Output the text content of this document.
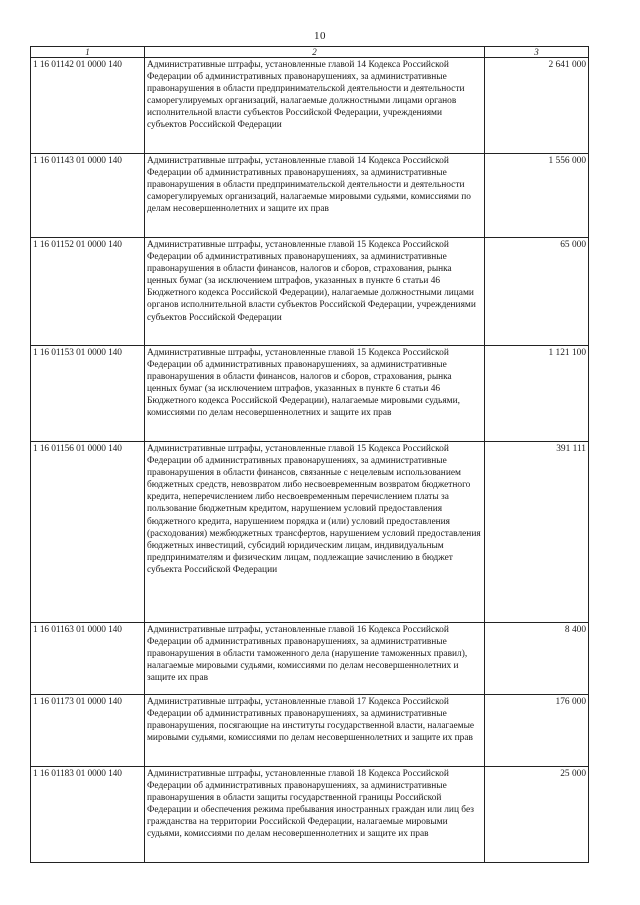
10
1	2	3
1 16 01142 01 0000 140	Административные штрафы, установленные главой 14 Кодекса Российской Федерации об административных правонарушениях, за административные правонарушения в области предпринимательской деятельности и деятельности саморегулируемых организаций, налагаемые должностными лицами органов исполнительной власти субъектов Российской Федерации, учреждениями субъектов Российской Федерации	2 641 000
1 16 01143 01 0000 140	Административные штрафы, установленные главой 14 Кодекса Российской Федерации об административных правонарушениях, за административные правонарушения в области предпринимательской деятельности и деятельности саморегулируемых организаций, налагаемые мировыми судьями, комиссиями по делам несовершеннолетних и защите их прав	1 556 000
1 16 01152 01 0000 140	Административные штрафы, установленные главой 15 Кодекса Российской Федерации об административных правонарушениях, за административные правонарушения в области финансов, налогов и сборов, страхования, рынка ценных бумаг (за исключением штрафов, указанных в пункте 6 статьи 46 Бюджетного кодекса Российской Федерации), налагаемые должностными лицами органов исполнительной власти субъектов Российской Федерации, учреждениями субъектов Российской Федерации	65 000
1 16 01153 01 0000 140	Административные штрафы, установленные главой 15 Кодекса Российской Федерации об административных правонарушениях, за административные правонарушения в области финансов, налогов и сборов, страхования, рынка ценных бумаг (за исключением штрафов, указанных в пункте 6 статьи 46 Бюджетного кодекса Российской Федерации), налагаемые мировыми судьями, комиссиями по делам несовершеннолетних и защите их прав	1 121 100
1 16 01156 01 0000 140	Административные штрафы, установленные главой 15 Кодекса Российской Федерации об административных правонарушениях, за административные правонарушения в области финансов, связанные с нецелевым использованием бюджетных средств, невозвратом либо несвоевременным возвратом бюджетного кредита, неперечислением либо несвоевременным перечислением платы за пользование бюджетным кредитом, нарушением условий предоставления бюджетного кредита, нарушением порядка и (или) условий предоставления (расходования) межбюджетных трансфертов, нарушением условий предоставления бюджетных инвестиций, субсидий юридическим лицам, индивидуальным предпринимателям и физическим лицам, подлежащие зачислению в бюджет субъекта Российской Федерации	391 111
1 16 01163 01 0000 140	Административные штрафы, установленные главой 16 Кодекса Российской Федерации об административных правонарушениях, за административные правонарушения в области таможенного дела (нарушение таможенных правил), налагаемые мировыми судьями, комиссиями по делам несовершеннолетних и защите их прав	8 400
1 16 01173 01 0000 140	Административные штрафы, установленные главой 17 Кодекса Российской Федерации об административных правонарушениях, за административные правонарушения, посягающие на институты государственной власти, налагаемые мировыми судьями, комиссиями по делам несовершеннолетних и защите их прав	176 000
1 16 01183 01 0000 140	Административные штрафы, установленные главой 18 Кодекса Российской Федерации об административных правонарушениях, за административные правонарушения в области защиты государственной границы Российской Федерации и обеспечения режима пребывания иностранных граждан или лиц без гражданства на территории Российской Федерации, налагаемые мировыми судьями, комиссиями по делам несовершеннолетних и защите их прав	25 000
